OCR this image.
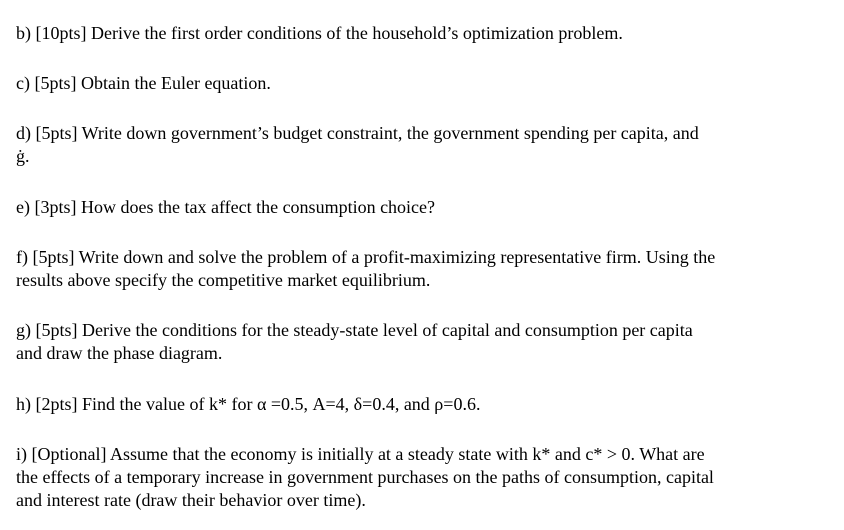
b) [10pts] Derive the first order conditions of the household’s optimization problem.
c) [5pts] Obtain the Euler equation.
d) [5pts] Write down government’s budget constraint, the government spending per capita, and
ġ.
e) [3pts] How does the tax affect the consumption choice?
f) [5pts] Write down and solve the problem of a profit-maximizing representative firm. Using the
results above specify the competitive market equilibrium.
g) [5pts] Derive the conditions for the steady-state level of capital and consumption per capita
and draw the phase diagram.
h) [2pts] Find the value of k* for α =0.5, A=4, δ=0.4, and ρ=0.6.
i) [Optional] Assume that the economy is initially at a steady state with k* and c* > 0. What are
the effects of a temporary increase in government purchases on the paths of consumption, capital
and interest rate (draw their behavior over time).
